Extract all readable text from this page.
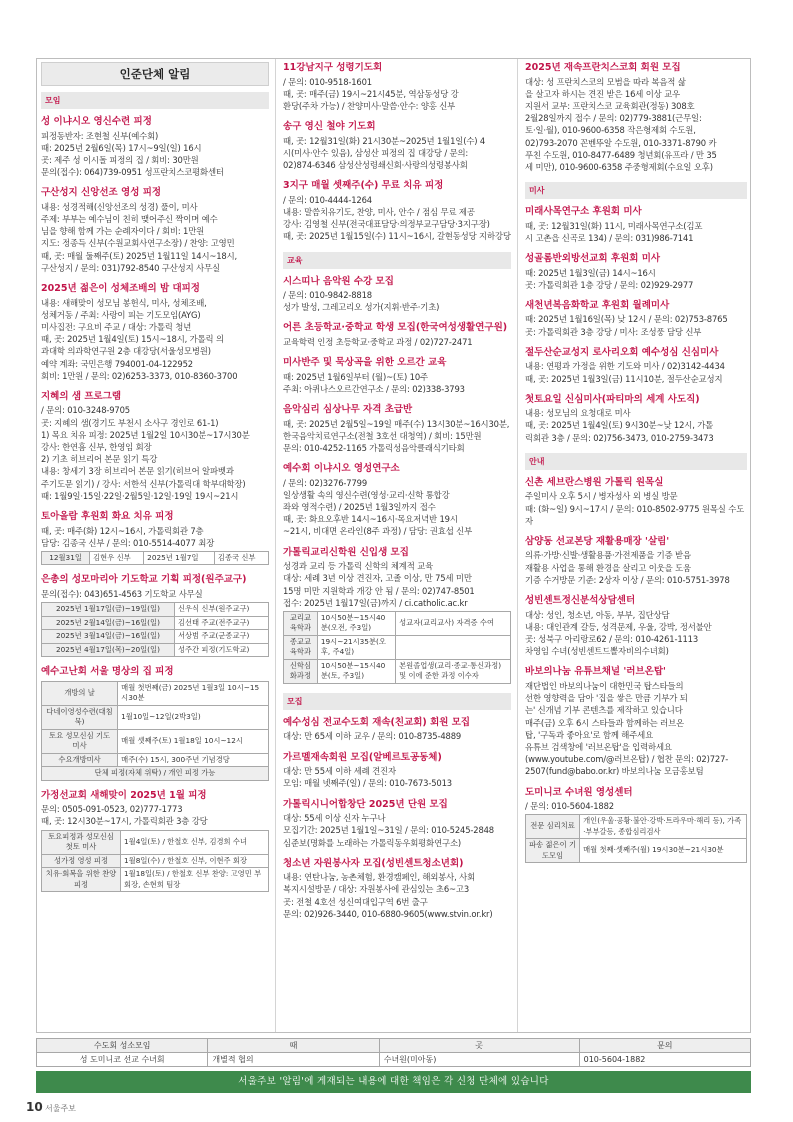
인준단체 알림
모임
성 이냐시오 영신수련 피정
피정동반자: 조현철 신부(예수회)
때: 2025년 2월6일(목) 17시~9일(일) 16시
곳: 제주 성 이시돌 피정의 집 / 회비: 30만원
문의(접수): 064)739-0951 성프란치스코평화센터
구산성지 신앙선조 영성 피정
내용: 성경적해(신앙선조의 성경) 풀이, 미사
주제: 부부는 예수님이 친히 맺어주신 짝이며 예수
님을 향해 함께 가는 순례자이다 / 회비: 1만원
지도: 정종득 신부(수원교회사연구소장) / 찬양: 고영민
때, 곳: 매월 둘째주(토) 2025년 1월11일 14시~18시,
구산성지 / 문의: 031)792-8540 구산성지 사무실
2025년 젊은이 성체조배의 밤 대피정
내용: 새해맞이 성모님 봉헌식, 미사, 성체조배,
성체거동 / 주최: 사랑이 피는 기도모임(AYG)
미사집전: 구요비 주교 / 대상: 가톨릭 청년
때, 곳: 2025년 1월4일(토) 15시~18시, 가톨릭 의
과대학 의과학연구원 2층 대강당(서울성모병원)
예약 계좌: 국민은행 794001-04-122952
회비: 1만원 / 문의: 02)6253-3373, 010-8360-3700
지혜의 샘 프로그램
/ 문의: 010-3248-9705
곳: 지혜의 샘(경기도 부천시 소사구 경인로 61-1)
1) 목요 치유 피정: 2025년 1월2일 10시30분~17시30분
강사: 한연흠 신부, 한영임 회장
2) 기초 히브리어 본문 읽기 특강
내용: 창세기 3장 히브리어 본문 읽기(히브어 알파벳과
주기도문 읽기) / 강사: 서한석 신부(가톨릭대 학부대학장)
때: 1월9일·15일·22일·2월5일·12일·19일 19시~21시
토아올람 후원회 화요 치유 피정
때, 곳: 매주(화) 12시~16시, 가톨릭회관 7층
담당: 김종국 신부 / 문의: 010-5514-4077 최장
12월31일	김현우 신부	2025년 1월7일	김종국 신부
은총의 성모마리아 기도학교 기획 피정(원주교구)
문의(접수): 043)651-4563 기도학교 사무실
2025년 1월17일(금)~19일(일)	신우식 신부(원주교구)
2025년 2월14일(금)~16일(일)	김선태 주교(전주교구)
2025년 3월14일(금)~16일(일)	서상범 주교(군종교구)
2025년 4월17일(목)~20일(일)	성주간 피정(기도학교)
예수고난회 서울 명상의 집 피정
개방의 날	매월 첫번째(금) 2025년 1월3일 10시~15시30분
다네이영성수련(대침묵)	1월10일~12일(2박3일)
토요 성모신심 기도 미사	매월 셋째주(토) 1월18일 10시~12시
수요개방미사	매주(수) 15시, 300주년 기념경당
단체 피정(자체 위탁) / 개인 피정 가능	
가정선교회 새해맞이 2025년 1월 피정
문의: 0505-091-0523, 02)777-1773
때, 곳: 12시30분~17시, 가톨릭회관 3층 강당
토요피정과 성모신심 첫토 미사	1월4일(토) / 한철호 신부, 김경희 수녀
성가정 영성 피정	1월8일(수) / 한철호 신부, 이현주 회장
치유·회복을 위한 찬양 피정	1월18일(토) / 한철호 신부 찬양: 고영민 부회장, 손현희 팀장
11강남지구 성령기도회
/ 문의: 010-9518-1601
때, 곳: 매주(금) 19시~21시45분, 역삼동성당 강
환당(주차 가능) / 찬양미사·말씀·안수: 양홍 신부
송구 영신 철야 기도회
때, 곳: 12월31일(화) 21시30분~2025년 1월1일(수) 4
시(미사·안수 있음), 삼성산 피정의 집 대강당 / 문의:
02)874-6346 삼성산성령쇄신회·사랑의성령봉사회
3지구 매월 셋째주(수) 무료 치유 피정
/ 문의: 010-4444-1264
내용: 말씀치유기도, 찬양, 미사, 안수 / 점심 무료 제공
강사: 김영철 신부(전국대표담당·의정부교구담당·3지구장)
때, 곳: 2025년 1월15일(수) 11시~16시, 갈현동성당 지하강당
교육
시스띠나 음악원 수강 모집
/ 문의: 010-9842-8818
성가 발성, 그레고리오 성가(지휘·반주·기초)
어른 초등학교·중학교 학생 모집(한국여성생활연구원)
교육학력 인정 초등학교·중학교 과정 / 02)727-2471
미사반주 및 묵상곡을 위한 오르간 교육
때: 2025년 1월6일부터 (월)~(토) 10주
주최: 아퀴나스오르간연구소 / 문의: 02)338-3793
음악심리 심상나무 자격 초급반
때, 곳: 2025년 2월5일~19일 매주(수) 13시30분~16시30분,
한국음악치료연구소(전철 3호선 대청역) / 회비: 15만원
문의: 010-4252-1165 가톨릭성음악클래식기타회
예수회 이냐시오 영성연구소
/ 문의: 02)3276-7799
일상생활 속의 영신수련(영성·교리·신학 통합강
좌와 영적수련) / 2025년 1월3일까지 접수
때, 곳: 화요오후반 14시~16시·목요저녁반 19시
~21시, 비대면 온라인(8주 과정) / 담당: 권효섭 신부
가톨릭교리신학원 신입생 모집
성경과 교리 등 가톨릭 신학의 체계적 교육
대상: 세례 3년 이상 견진자, 고졸 이상, 만 75세 미만
15명 미만 지원학과 개강 안 됨 / 문의: 02)747-8501
접수: 2025년 1월17일(금)까지 / ci.catholic.ac.kr
교리교육학과	10시50분~15시40분(오전, 주3일)	성교자(교리교사) 자격증 수여
종교교육학과	19시~21시35분(오후, 주4일)	
신학심화과정	10시50분~15시40분(토, 주3일)	본원졸업생(교리·종교·통신과정) 및 이에 준한 과정 이수자
모집
예수성심 전교수도회 재속(친교회) 회원 모집
대상: 만 65세 이하 교우 / 문의: 010-8735-4889
가르멜재속회원 모집(알베르토공동체)
대상: 만 55세 이하 세례 견진자
모임: 매월 넷째주(일) / 문의: 010-7673-5013
가톨릭시니어합창단 2025년 단원 모집
대상: 55세 이상 신자 누구나
모집기간: 2025년 1월1일~31일 / 문의: 010-5245-2848
심준보(명화를 노래하는 가톨릭동우회평화연구소)
청소년 자원봉사자 모집(성빈센트청소년회)
내용: 연탄나눔, 농촌체험, 환경캠페인, 해외봉사, 사회
복지시설방문 / 대상: 자원봉사에 관심있는 초6~고3
곳: 전철 4호선 성신여대입구역 6번 출구
문의: 02)926-3440, 010-6880-9605(www.stvin.or.kr)
2025년 재속프란치스코회 회원 모집
대상: 성 프란치스코의 모범을 따라 복음적 삶
을 살고자 하시는 견진 받은 16세 이상 교우
지원서 교부: 프란치스코 교육회관(정동) 308호
2월28일까지 접수 / 문의: 02)779-3881(근무일:
토·일·월), 010-9600-6358 작은형제회 수도원,
02)793-2070 꼰벤뚜알 수도원, 010-3371-8790 카
푸친 수도원, 010-8477-6489 청년회(유프라 / 만 35
세 미만), 010-9600-6358 주중형제회(수요일 오후)
미사
미래사목연구소 후원회 미사
때, 곳: 12월31일(화) 11시, 미래사목연구소(김포
시 고촌읍 신곡로 134) / 문의: 031)986-7141
성골롬반외방선교회 후원회 미사
때: 2025년 1월3일(금) 14시~16시
곳: 가톨릭회관 1층 강당 / 문의: 02)929-2977
새천년복음화학교 후원회 월례미사
때: 2025년 1월16일(목) 낮 12시 / 문의: 02)753-8765
곳: 가톨릭회관 3층 강당 / 미사: 조성풍 담당 신부
절두산순교성지 로사리오회 예수성심 신심미사
내용: 연평과 가정을 위한 기도와 미사 / 02)3142-4434
때, 곳: 2025년 1월3일(금) 11시10분, 절두산순교성지
첫토요일 신심미사(파티마의 세계 사도직)
내용: 성모님의 요청대로 미사
때, 곳: 2025년 1월4일(토) 9시30분~낮 12시, 가톨
릭회관 3층 / 문의: 02)756-3473, 010-2759-3473
안내
신촌 세브란스병원 가톨릭 원목실
주일미사 오후 5시 / 병자성사 외 병실 방문
때: (화~일) 9시~17시 / 문의: 010-8502-9775 원목실 수도자
삼양동 선교본당 재활용매장 '살림'
의류·가방·신발·생활용품·가전제품을 기증 받음
재활용 사업을 통해 환경을 살리고 이웃을 도움
기증 수거방문 기준: 2상자 이상 / 문의: 010-5751-3978
성빈센트정신분석상담센터
대상: 성인, 청소년, 아동, 부부, 집단상담
내용: 대인관계 갈등, 성격문제, 우울, 강박, 정서불안
곳: 성북구 아리랑로62 / 문의: 010-4261-1113
차영임 수녀(성빈센트드뽈자비의수녀회)
바보의나눔 유튜브채널 '러브온탑'
재단법인 바보의나눔이 대한민국 탑스타들의
선한 영향력을 담아 '집을 쌓은 만큼 기부가 되
는' 신개념 기부 콘텐츠를 제작하고 있습니다
매주(금) 오후 6시 스타들과 함께하는 러브온
탑, '구독과 좋아요'로 함께 해주세요
유튜브 검색창에 '러브온탑'을 입력하세요
(www.youtube.com/@러브온탑) / 협찬 문의: 02)727-
2507(fund@babo.or.kr) 바보의나눔 모금홍보팀
도미니코 수녀원 영성센터
/ 문의: 010-5604-1882
전문 심리치료	개인(우울·공황·불안·강박·트라우마·해리 등), 가족·부부갈등, 종합심리검사
파송 젊은이 기도모임	매월 첫째·셋째주(월) 19시30분~21시30분
수도회 성소모임	때	곳	문의
성 도미니코 선교 수녀회	개별적 협의	수녀원(미아동)	010-5604-1882
서울주보 '알림'에 게재되는 내용에 대한 책임은 각 신청 단체에 있습니다
10 서울주보
